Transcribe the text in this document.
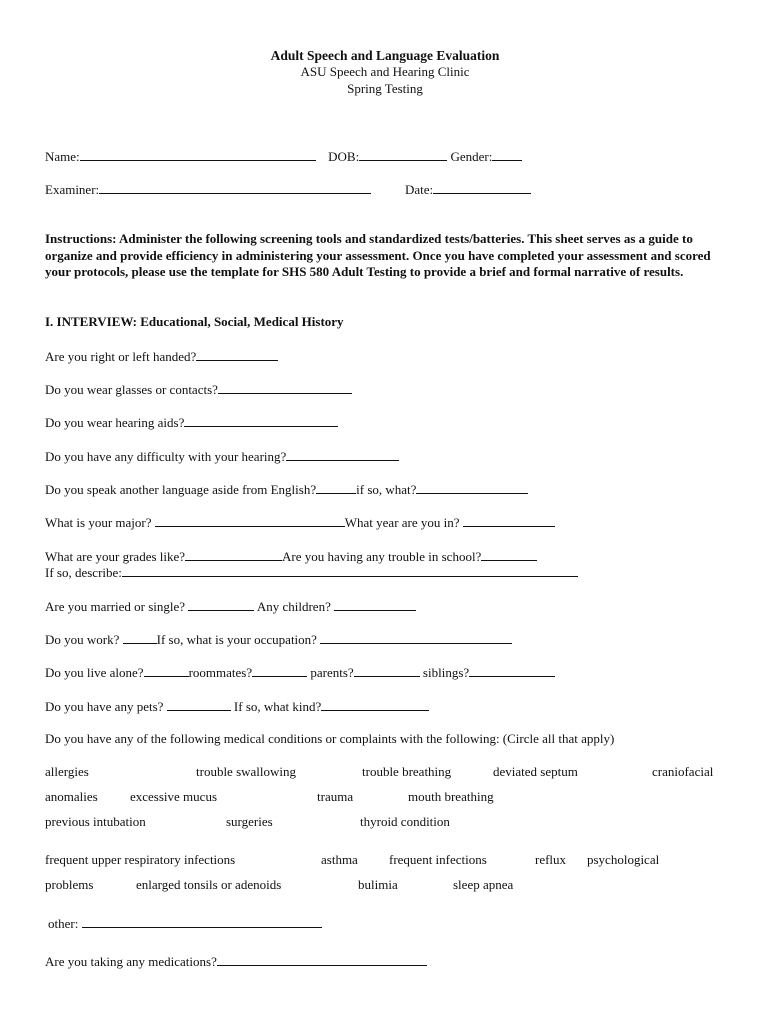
Adult Speech and Language Evaluation
ASU Speech and Hearing Clinic
Spring Testing
Name:	DOB:	Gender:
Examiner:	Date:
Instructions: Administer the following screening tools and standardized tests/batteries. This sheet serves as a guide to organize and provide efficiency in administering your assessment. Once you have completed your assessment and scored your protocols, please use the template for SHS 580 Adult Testing to provide a brief and formal narrative of results.
I. INTERVIEW: Educational, Social, Medical History
Are you right or left handed?
Do you wear glasses or contacts?
Do you wear hearing aids?
Do you have any difficulty with your hearing?
Do you speak another language aside from English?	if so, what?
What is your major?	What year are you in?
What are your grades like?	Are you having any trouble in school?
If so, describe:
Are you married or single?	Any children?
Do you work?	If so, what is your occupation?
Do you live alone?	roommates?	parents?	siblings?
Do you have any pets?	If so, what kind?
Do you have any of the following medical conditions or complaints with the following: (Circle all that apply)
allergies	trouble swallowing	trouble breathing	deviated septum	craniofacial
anomalies excessive mucus	trauma	mouth breathing
previous intubation	surgeries	thyroid condition
frequent upper respiratory infections	asthma frequent infections	reflux psychological
problems	enlarged tonsils or adenoids	bulimia	sleep apnea
other:
Are you taking any medications?
